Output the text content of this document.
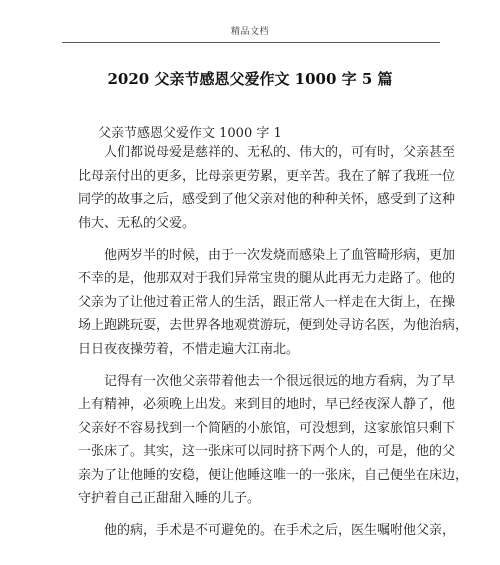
精品文档
2020 父亲节感恩父爱作文 1000 字 5 篇
父亲节感恩父爱作文 1000 字 1
人们都说母爱是慈祥的、无私的、伟大的，可有时，父亲甚至
比母亲付出的更多，比母亲更劳累，更辛苦。我在了解了我班一位
同学的故事之后，感受到了他父亲对他的种种关怀，感受到了这种
伟大、无私的父爱。
他两岁半的时候，由于一次发烧而感染上了血管畸形病，更加
不幸的是，他那双对于我们异常宝贵的腿从此再无力走路了。他的
父亲为了让他过着正常人的生活，跟正常人一样走在大街上，在操
场上跑跳玩耍，去世界各地观赏游玩，便到处寻访名医，为他治病，
日日夜夜操劳着，不惜走遍大江南北。
记得有一次他父亲带着他去一个很远很远的地方看病，为了早
上有精神，必须晚上出发。来到目的地时，早已经夜深人静了，他
父亲好不容易找到一个简陋的小旅馆，可没想到，这家旅馆只剩下
一张床了。其实，这一张床可以同时挤下两个人的，可是，他的父
亲为了让他睡的安稳，便让他睡这唯一的一张床，自己便坐在床边，
守护着自己正甜甜入睡的儿子。
他的病，手术是不可避免的。在手术之后，医生嘱咐他父亲，
